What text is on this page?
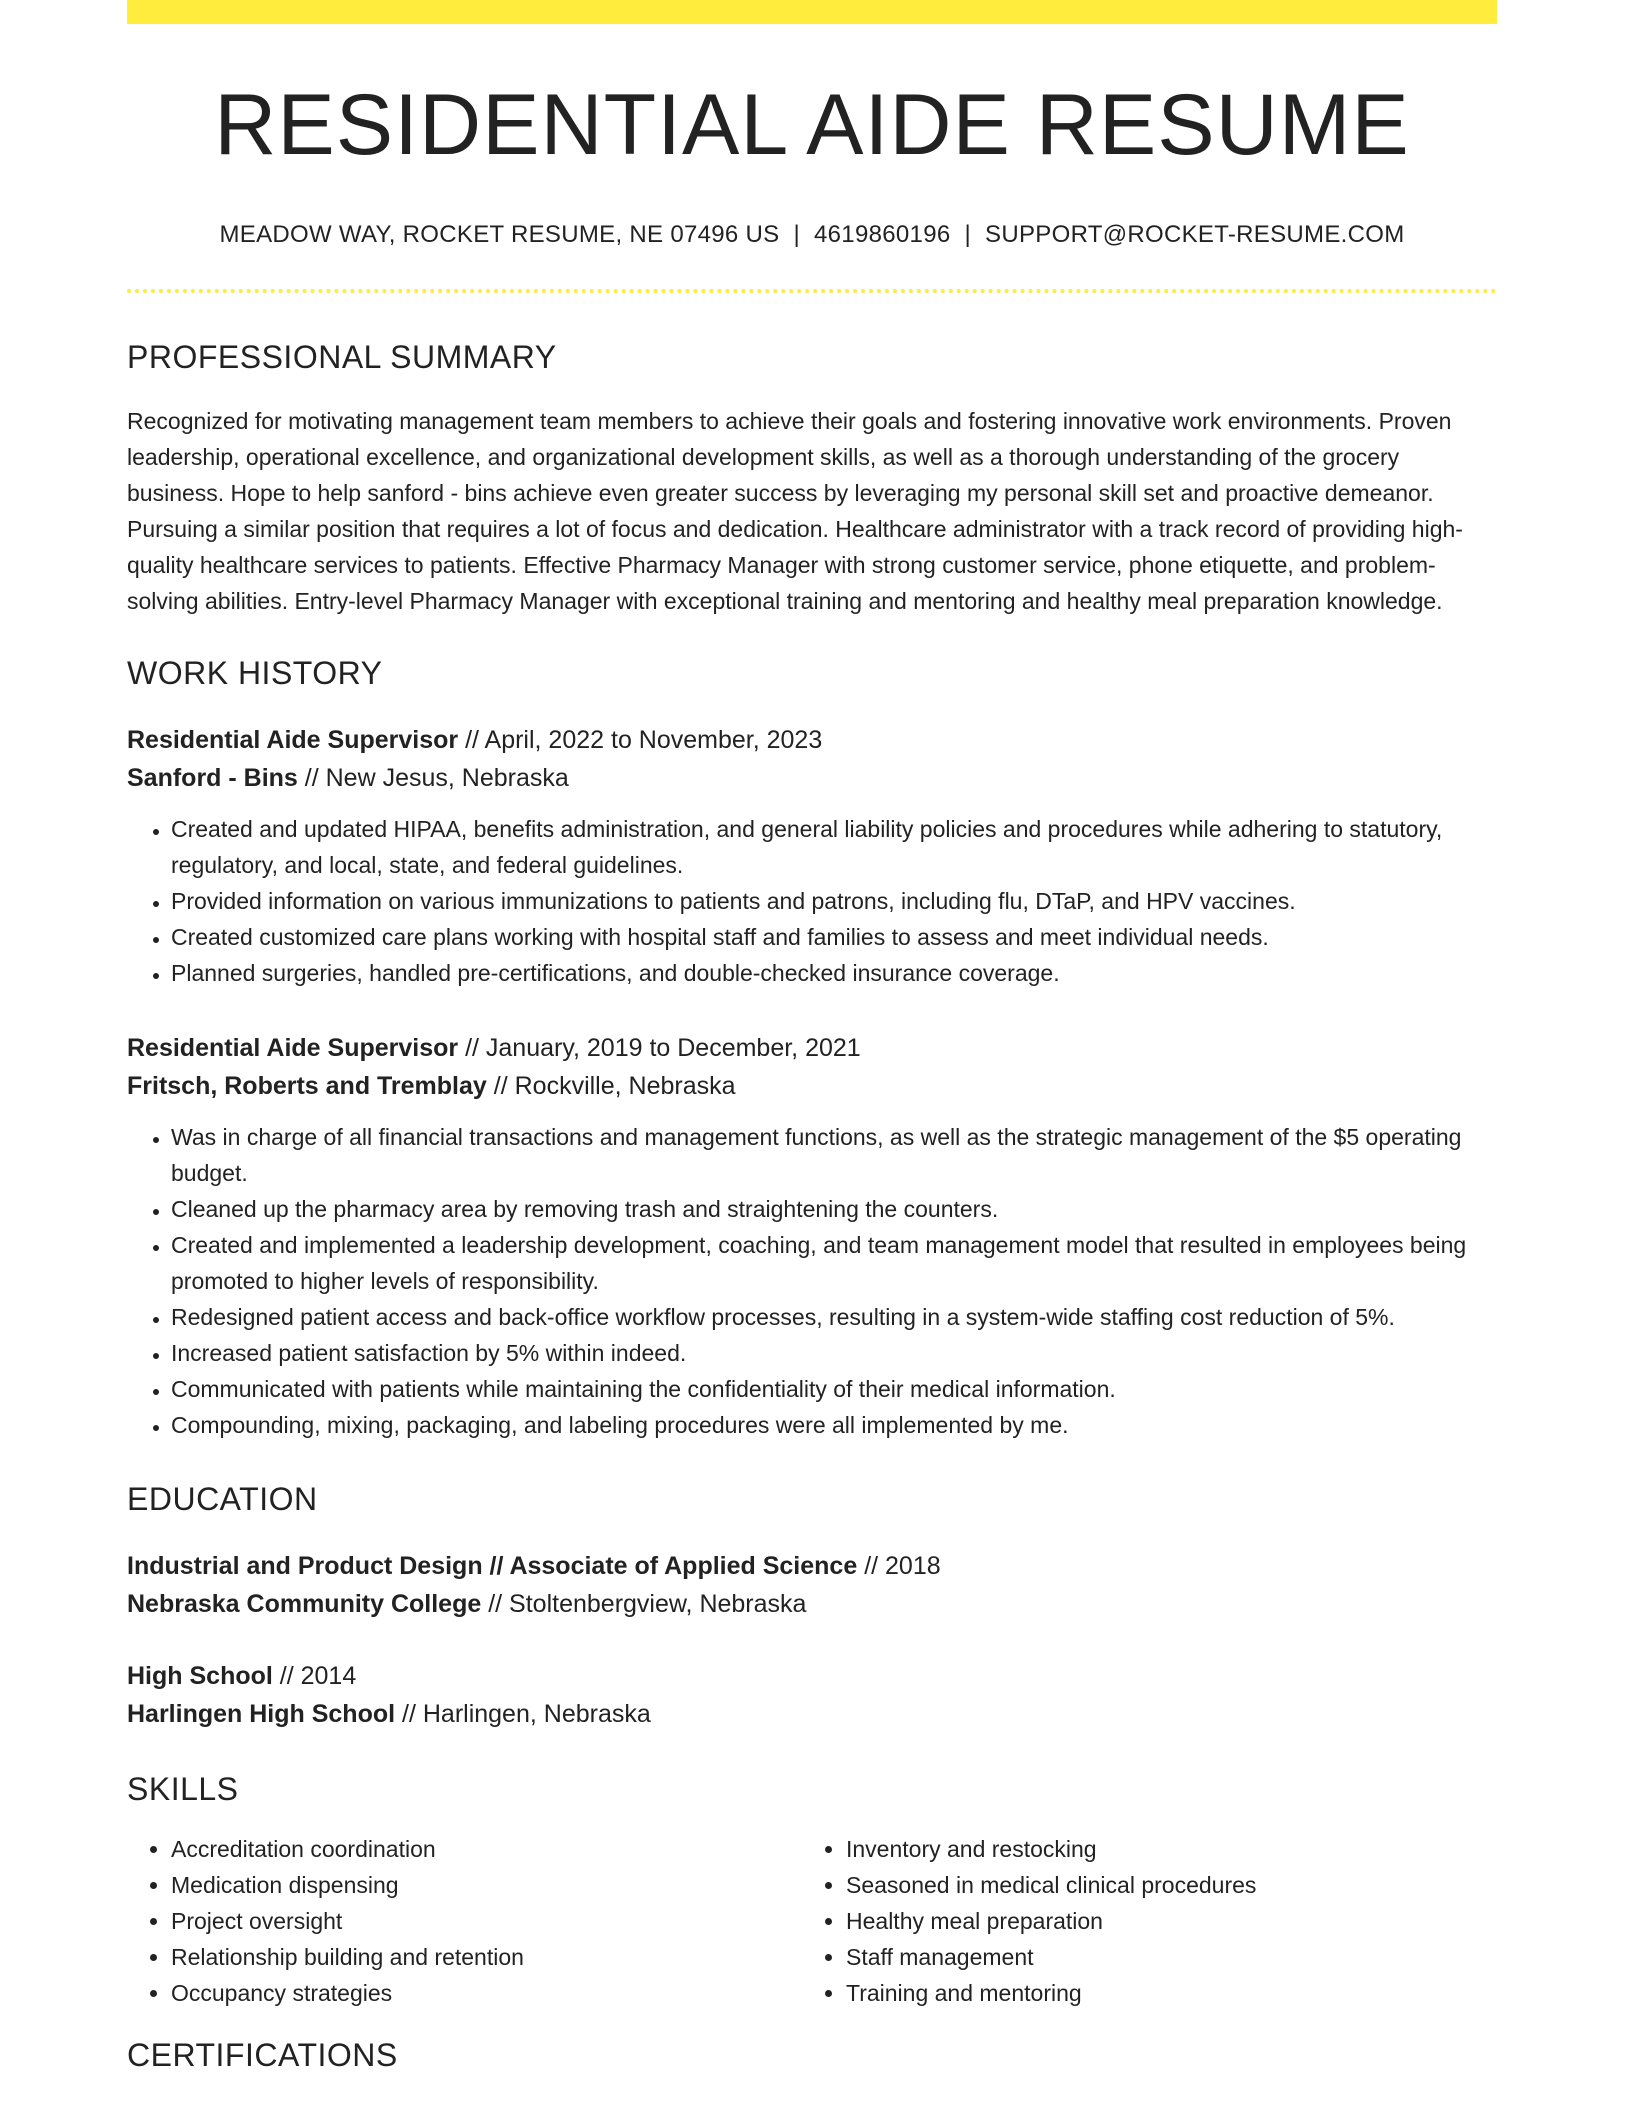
RESIDENTIAL AIDE RESUME
MEADOW WAY, ROCKET RESUME, NE 07496 US | 4619860196 | SUPPORT@ROCKET-RESUME.COM
PROFESSIONAL SUMMARY

Recognized for motivating management team members to achieve their goals and fostering innovative work environments. Proven leadership, operational excellence, and organizational development skills, as well as a thorough understanding of the grocery business. Hope to help sanford - bins achieve even greater success by leveraging my personal skill set and proactive demeanor. Pursuing a similar position that requires a lot of focus and dedication. Healthcare administrator with a track record of providing high-quality healthcare services to patients. Effective Pharmacy Manager with strong customer service, phone etiquette, and problem-solving abilities. Entry-level Pharmacy Manager with exceptional training and mentoring and healthy meal preparation knowledge.

WORK HISTORY
Residential Aide Supervisor // April, 2022 to November, 2023
Sanford - Bins // New Jesus, Nebraska
• Created and updated HIPAA, benefits administration, and general liability policies and procedures while adhering to statutory, regulatory, and local, state, and federal guidelines.
• Provided information on various immunizations to patients and patrons, including flu, DTaP, and HPV vaccines.
• Created customized care plans working with hospital staff and families to assess and meet individual needs.
• Planned surgeries, handled pre-certifications, and double-checked insurance coverage.
Residential Aide Supervisor // January, 2019 to December, 2021
Fritsch, Roberts and Tremblay // Rockville, Nebraska
• Was in charge of all financial transactions and management functions, as well as the strategic management of the $5 operating budget.
• Cleaned up the pharmacy area by removing trash and straightening the counters.
• Created and implemented a leadership development, coaching, and team management model that resulted in employees being promoted to higher levels of responsibility.
• Redesigned patient access and back-office workflow processes, resulting in a system-wide staffing cost reduction of 5%.
• Increased patient satisfaction by 5% within indeed.
• Communicated with patients while maintaining the confidentiality of their medical information.
• Compounding, mixing, packaging, and labeling procedures were all implemented by me.
EDUCATION
Industrial and Product Design // Associate of Applied Science // 2018
Nebraska Community College // Stoltenbergview, Nebraska
High School // 2014
Harlingen High School // Harlingen, Nebraska
SKILLS
• Accreditation coordination
• Medication dispensing
• Project oversight
• Relationship building and retention
• Occupancy strategies
• Inventory and restocking
• Seasoned in medical clinical procedures
• Healthy meal preparation
• Staff management
• Training and mentoring
CERTIFICATIONS
